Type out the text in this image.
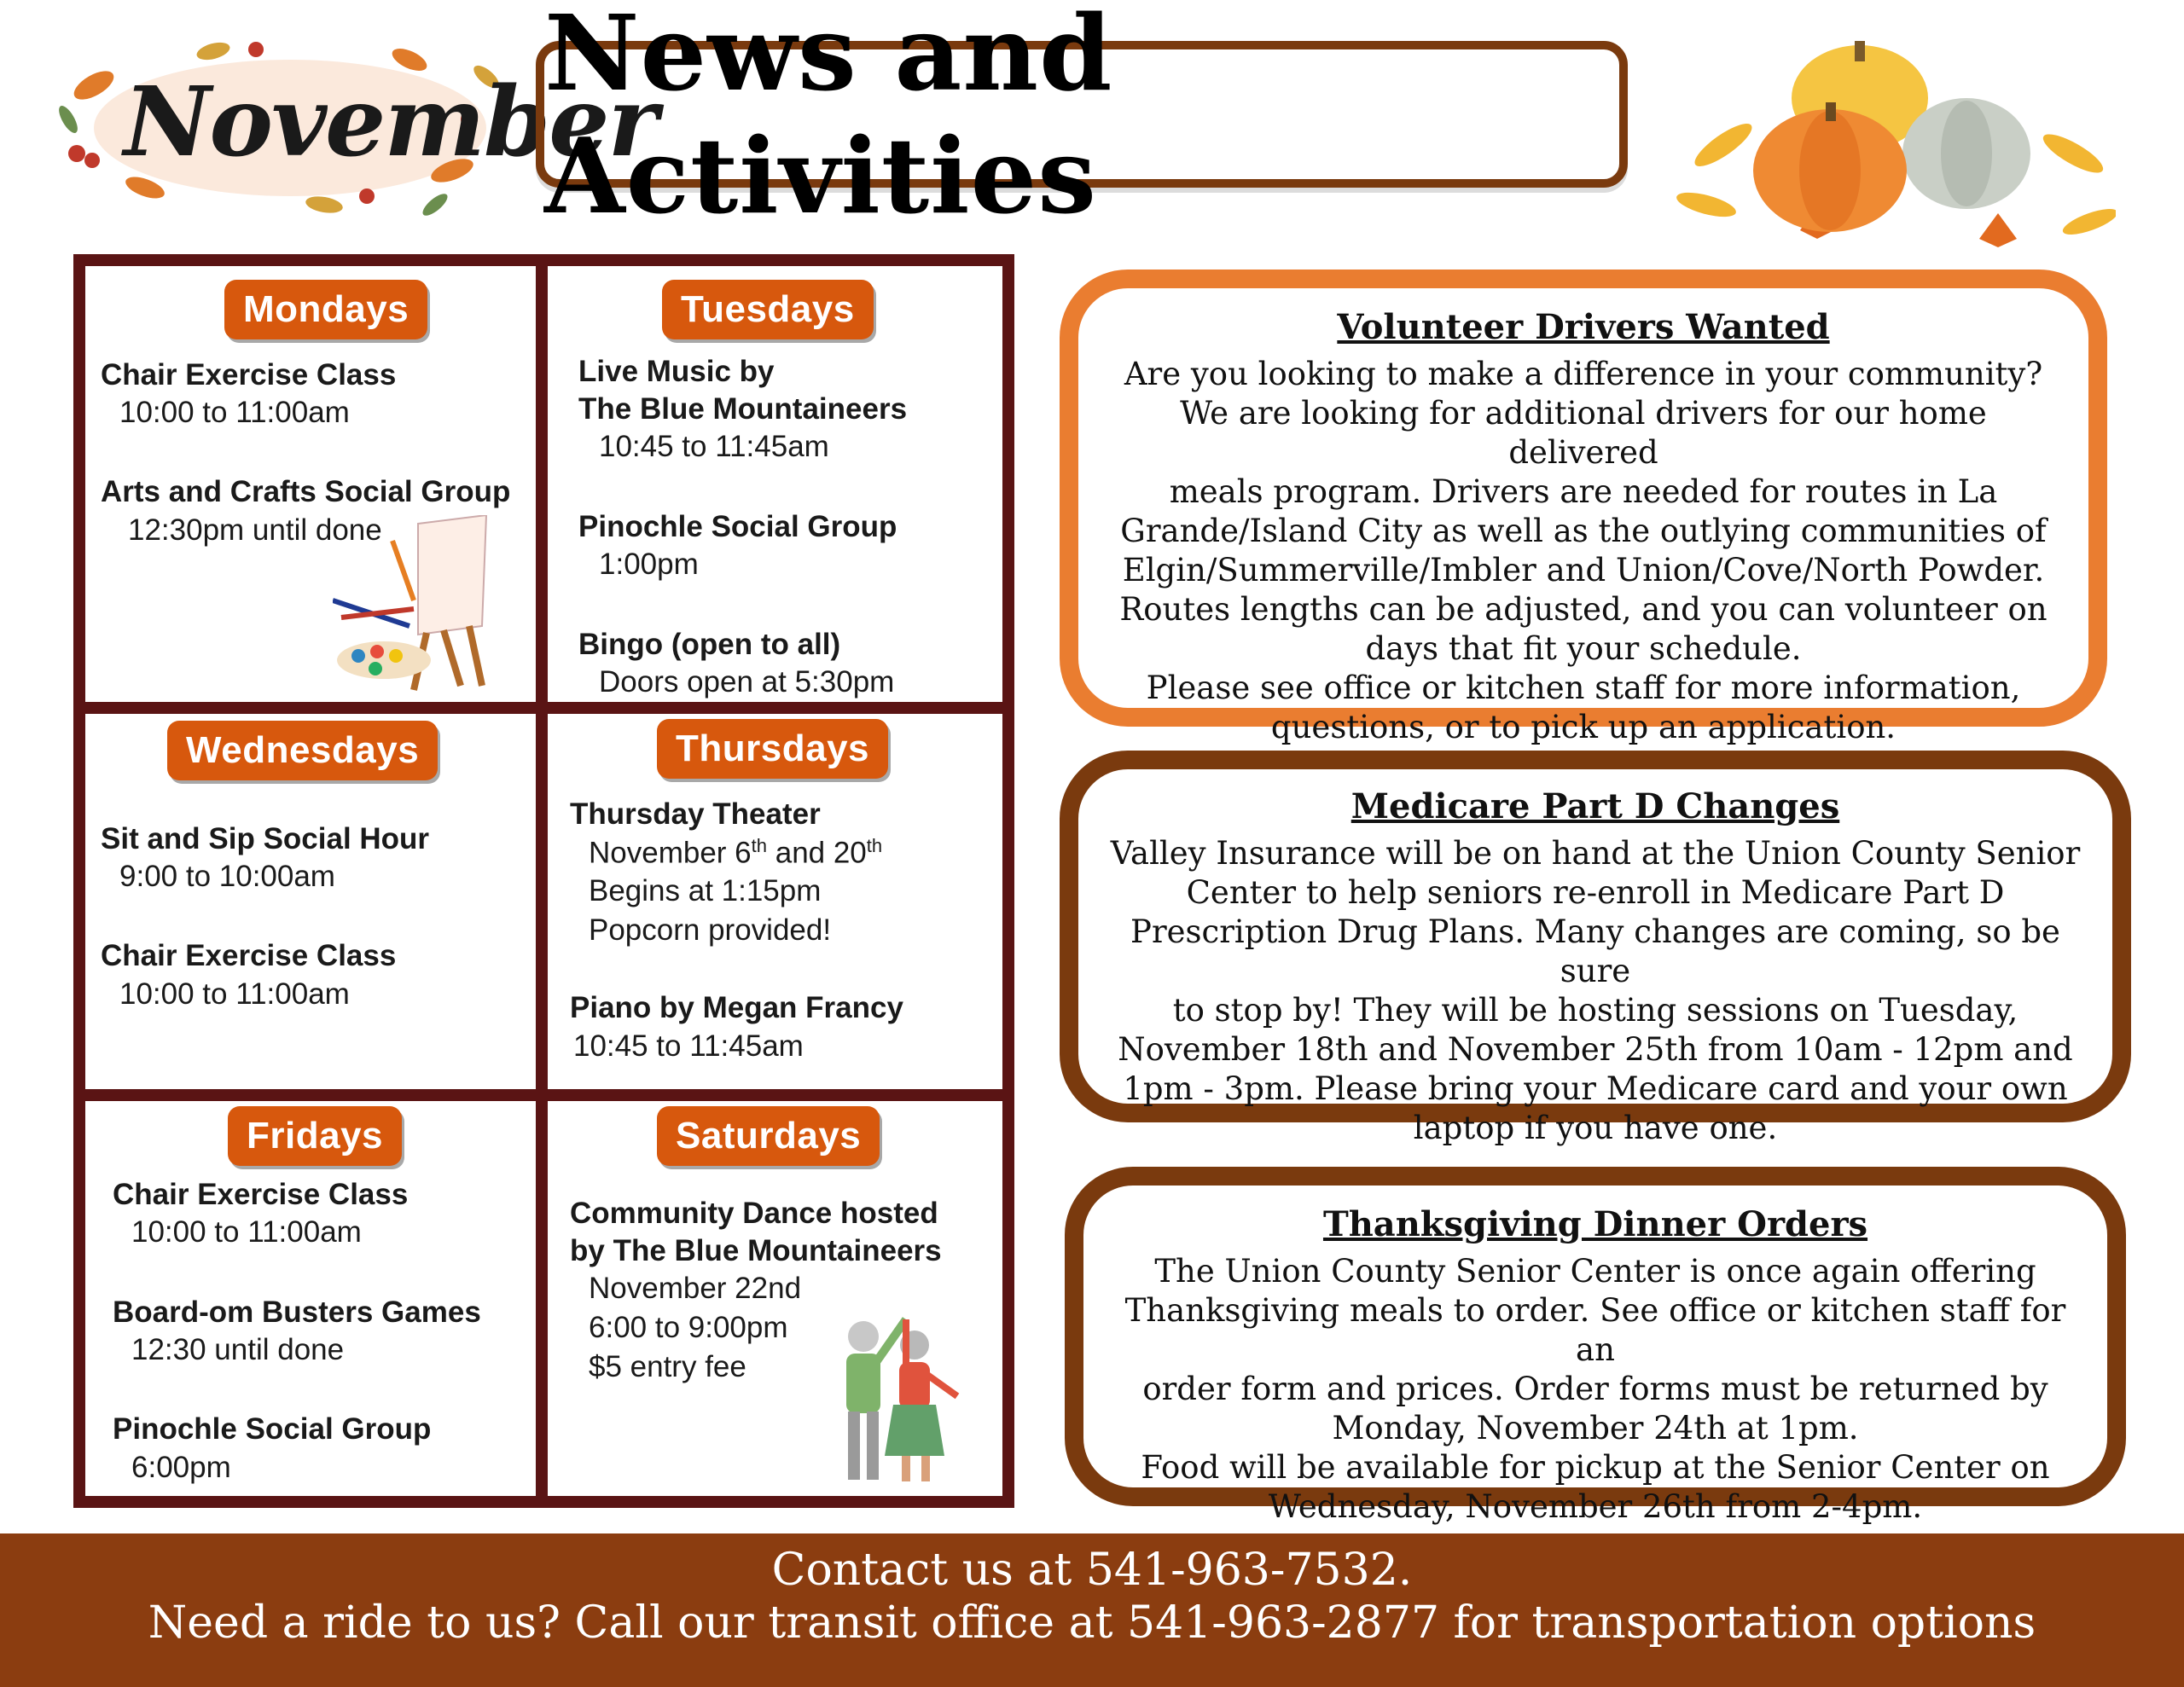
November
News and Activities
Mondays
Chair Exercise Class
10:00 to 11:00am
Arts and Crafts Social Group
12:30pm until done
Tuesdays
Live Music by
The Blue Mountaineers
10:45 to 11:45am
Pinochle Social Group
1:00pm
Bingo (open to all)
Doors open at 5:30pm
Wednesdays
Sit and Sip Social Hour
9:00 to 10:00am
Chair Exercise Class
10:00 to 11:00am
Thursdays
Thursday Theater
November 6th and 20th
Begins at 1:15pm
Popcorn provided!
Piano by Megan Francy
10:45 to 11:45am
Fridays
Chair Exercise Class
10:00 to 11:00am
Board-om Busters Games
12:30 until done
Pinochle Social Group
6:00pm
Saturdays
Community Dance hosted
by The Blue Mountaineers
November 22nd
6:00 to 9:00pm
$5 entry fee
Volunteer Drivers Wanted

Are you looking to make a difference in your community?
We are looking for additional drivers for our home delivered
meals program. Drivers are needed for routes in La
Grande/Island City as well as the outlying communities of
Elgin/Summerville/Imbler and Union/Cove/North Powder.
Routes lengths can be adjusted, and you can volunteer on
days that fit your schedule.
Please see office or kitchen staff for more information,
questions, or to pick up an application.

Medicare Part D Changes

Valley Insurance will be on hand at the Union County Senior
Center to help seniors re-enroll in Medicare Part D
Prescription Drug Plans. Many changes are coming, so be sure
to stop by! They will be hosting sessions on Tuesday,
November 18th and November 25th from 10am - 12pm and
1pm - 3pm. Please bring your Medicare card and your own
laptop if you have one.

Thanksgiving Dinner Orders

The Union County Senior Center is once again offering
Thanksgiving meals to order. See office or kitchen staff for an
order form and prices. Order forms must be returned by
Monday, November 24th at 1pm.
Food will be available for pickup at the Senior Center on
Wednesday, November 26th from 2-4pm.

Contact us at 541-963-7532.
Need a ride to us? Call our transit office at 541-963-2877 for transportation options
